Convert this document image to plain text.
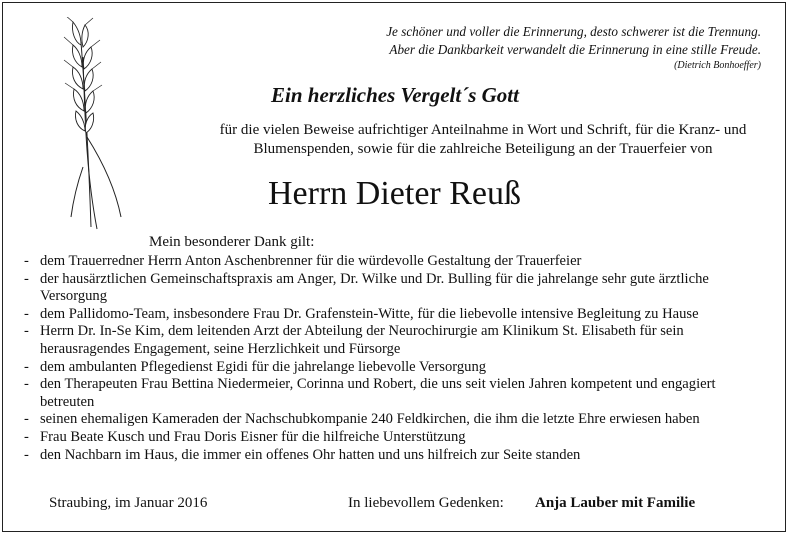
Je schöner und voller die Erinnerung, desto schwerer ist die Trennung.
Aber die Dankbarkeit verwandelt die Erinnerung in eine stille Freude.
(Dietrich Bonhoeffer)
Ein herzliches Vergelt´s Gott
für die vielen Beweise aufrichtiger Anteilnahme in Wort und Schrift, für die Kranz- und Blumenspenden, sowie für die zahlreiche Beteiligung an der Trauerfeier von
Herrn Dieter Reuß
Mein besonderer Dank gilt:
- dem Trauerredner Herrn Anton Aschenbrenner für die würdevolle Gestaltung der Trauerfeier
- der hausärztlichen Gemeinschaftspraxis am Anger, Dr. Wilke und Dr. Bulling für die jahrelange sehr gute ärztliche Versorgung
- dem Pallidomo-Team, insbesondere Frau Dr. Grafenstein-Witte, für die liebevolle intensive Begleitung zu Hause
- Herrn Dr. In-Se Kim, dem leitenden Arzt der Abteilung der Neurochirurgie am Klinikum St. Elisabeth für sein herausragendes Engagement, seine Herzlichkeit und Fürsorge
- dem ambulanten Pflegedienst Egidi für die jahrelange liebevolle Versorgung
- den Therapeuten Frau Bettina Niedermeier, Corinna und Robert, die uns seit vielen Jahren kompetent und engagiert betreuten
- seinen ehemaligen Kameraden der Nachschubkompanie 240 Feldkirchen, die ihm die letzte Ehre erwiesen haben
- Frau Beate Kusch und Frau Doris Eisner für die hilfreiche Unterstützung
- den Nachbarn im Haus, die immer ein offenes Ohr hatten und uns hilfreich zur Seite standen
Straubing, im Januar 2016	In liebevollem Gedenken: Anja Lauber mit Familie
